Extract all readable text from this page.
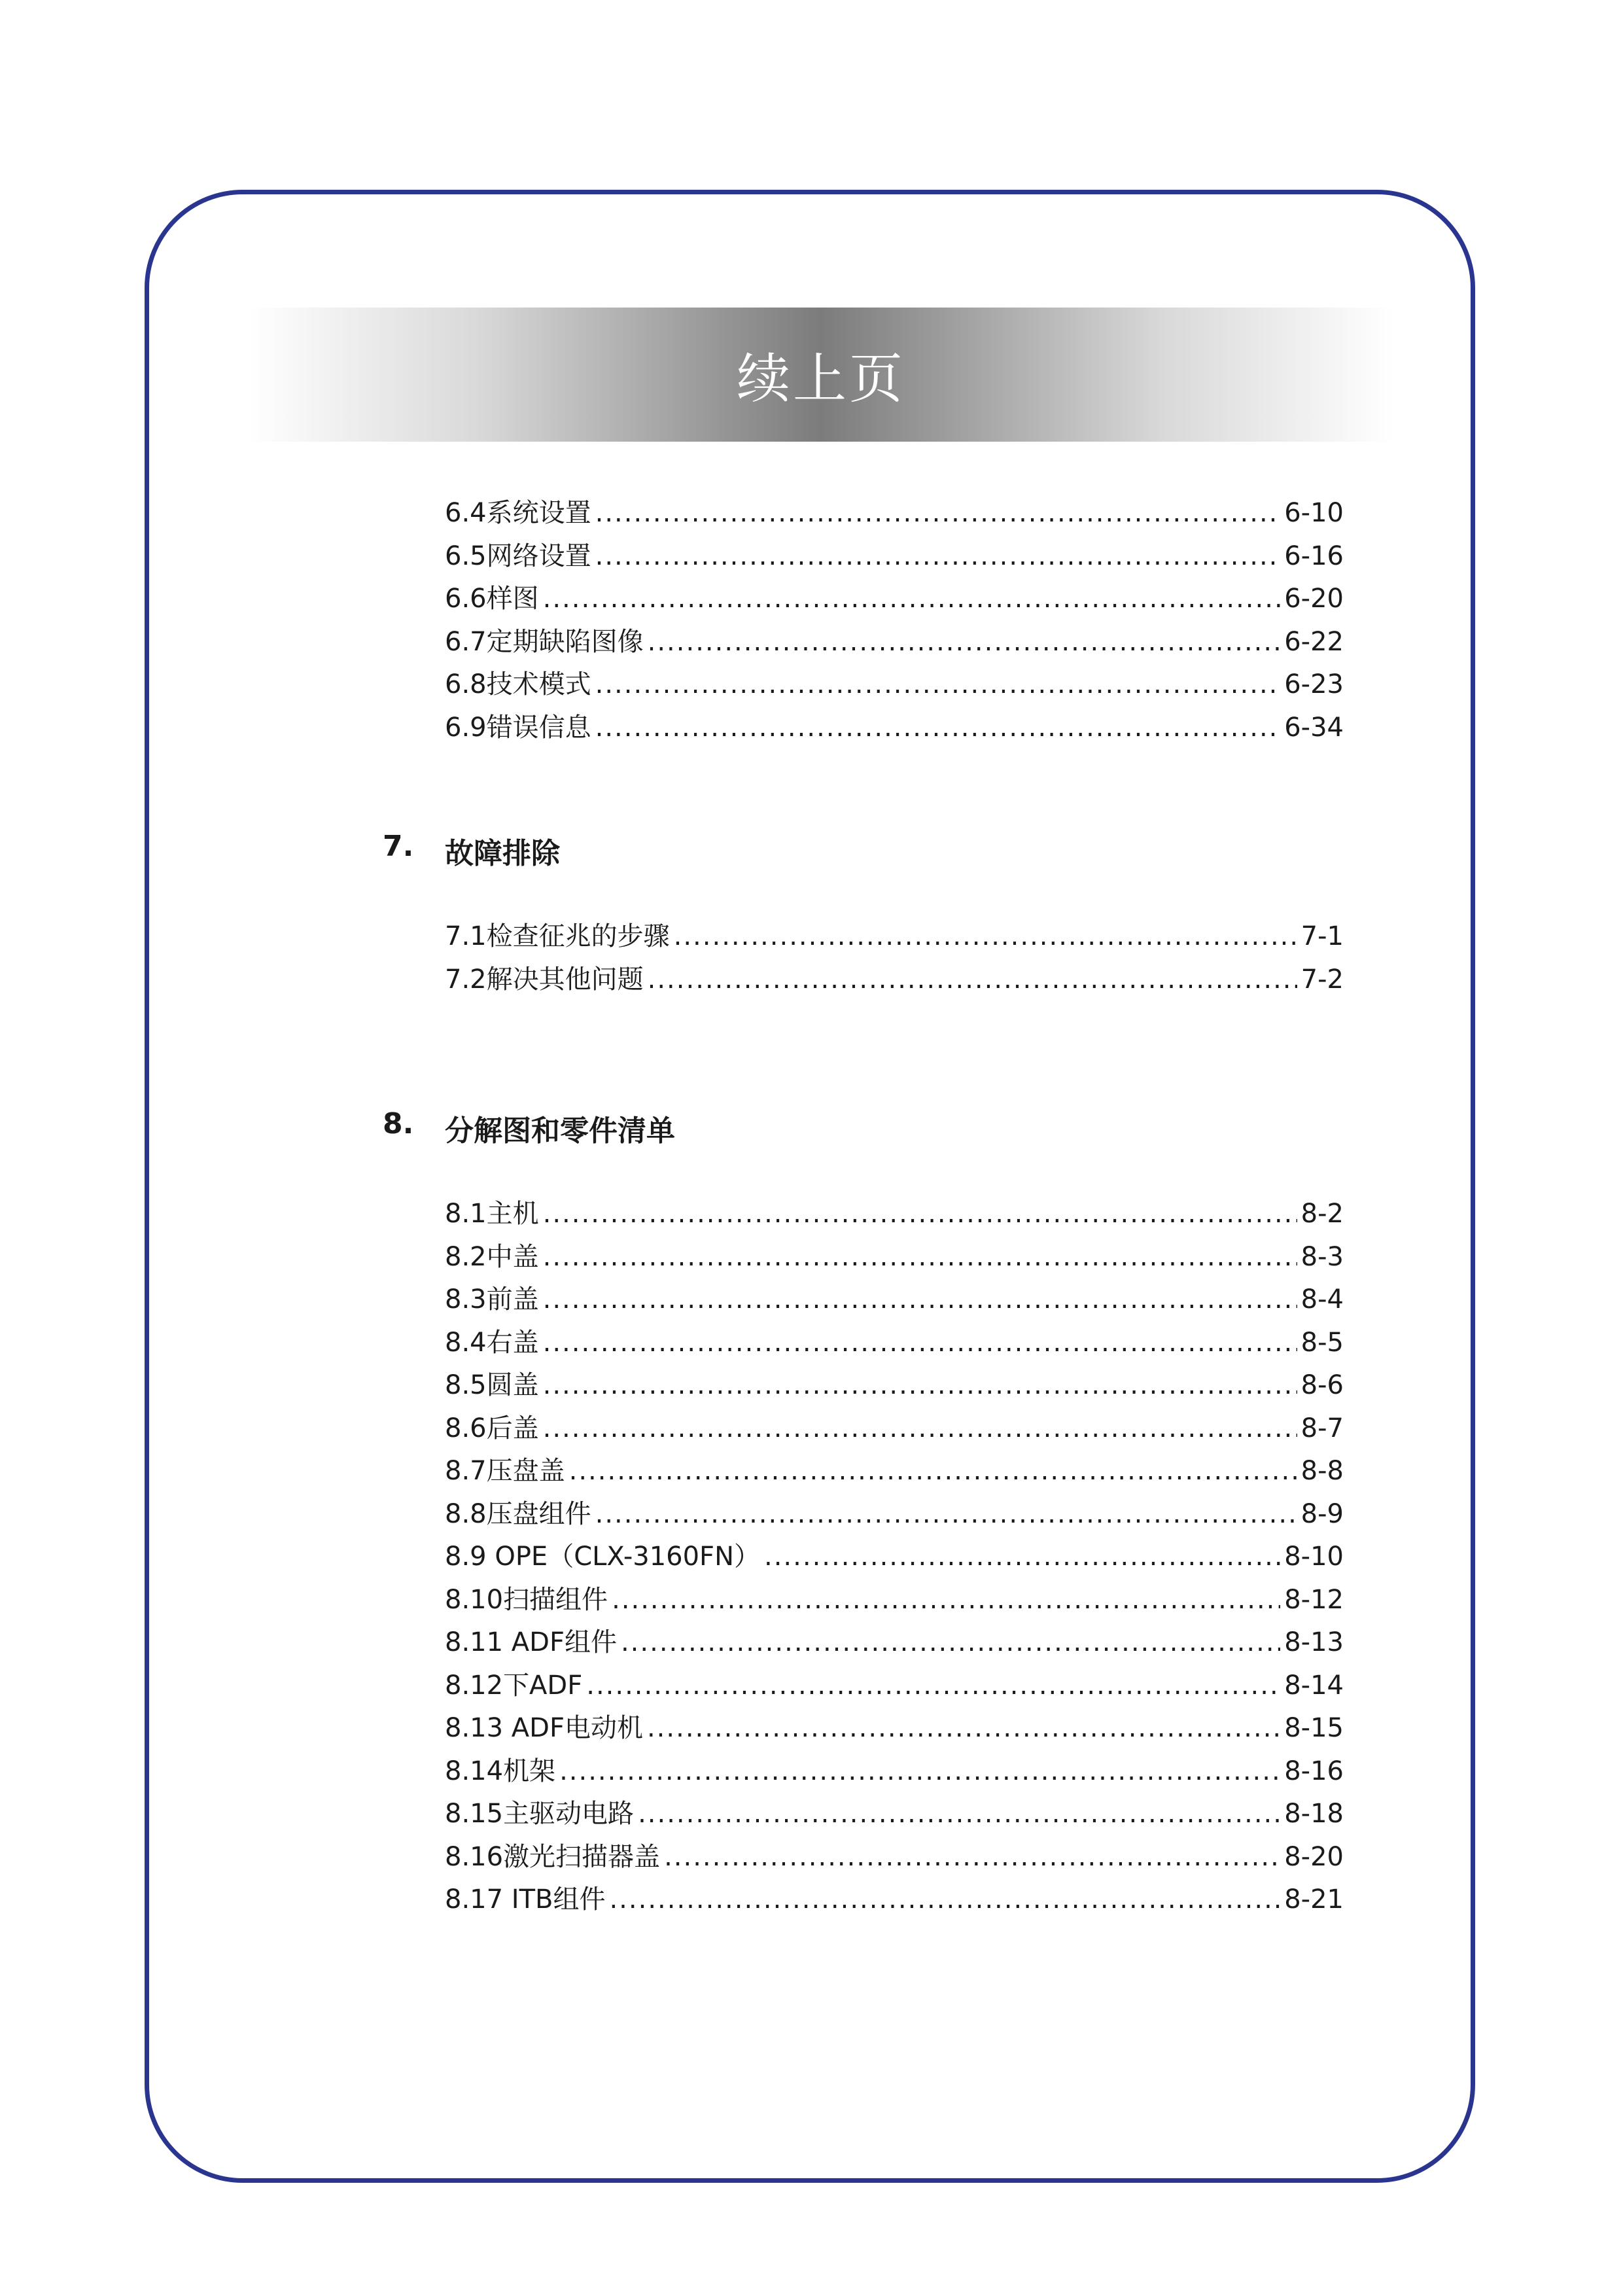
续上页
6.4系统设置 .....	6-10
6.5网络设置 .....	6-16
6.6样图 .....	6-20
6.7定期缺陷图像 .....	6-22
6.8技术模式 .....	6-23
6.9错误信息 .....	6-34
7.	故障排除
7.1检查征兆的步骤 .....	7-1
7.2解决其他问题 .....	7-2
8.	分解图和零件清单
8.1主机 .....	8-2
8.2中盖 .....	8-3
8.3前盖 .....	8-4
8.4右盖 .....	8-5
8.5圆盖 .....	8-6
8.6后盖 .....	8-7
8.7压盘盖 .....	8-8
8.8压盘组件 .....	8-9
8.9 OPE（CLX-3160FN） .....	8-10
8.10扫描组件 .....	8-12
8.11 ADF组件 .....	8-13
8.12下ADF .....	8-14
8.13 ADF电动机 .....	8-15
8.14机架 .....	8-16
8.15主驱动电路 .....	8-18
8.16激光扫描器盖 .....	8-20
8.17 ITB组件 .....	8-21
